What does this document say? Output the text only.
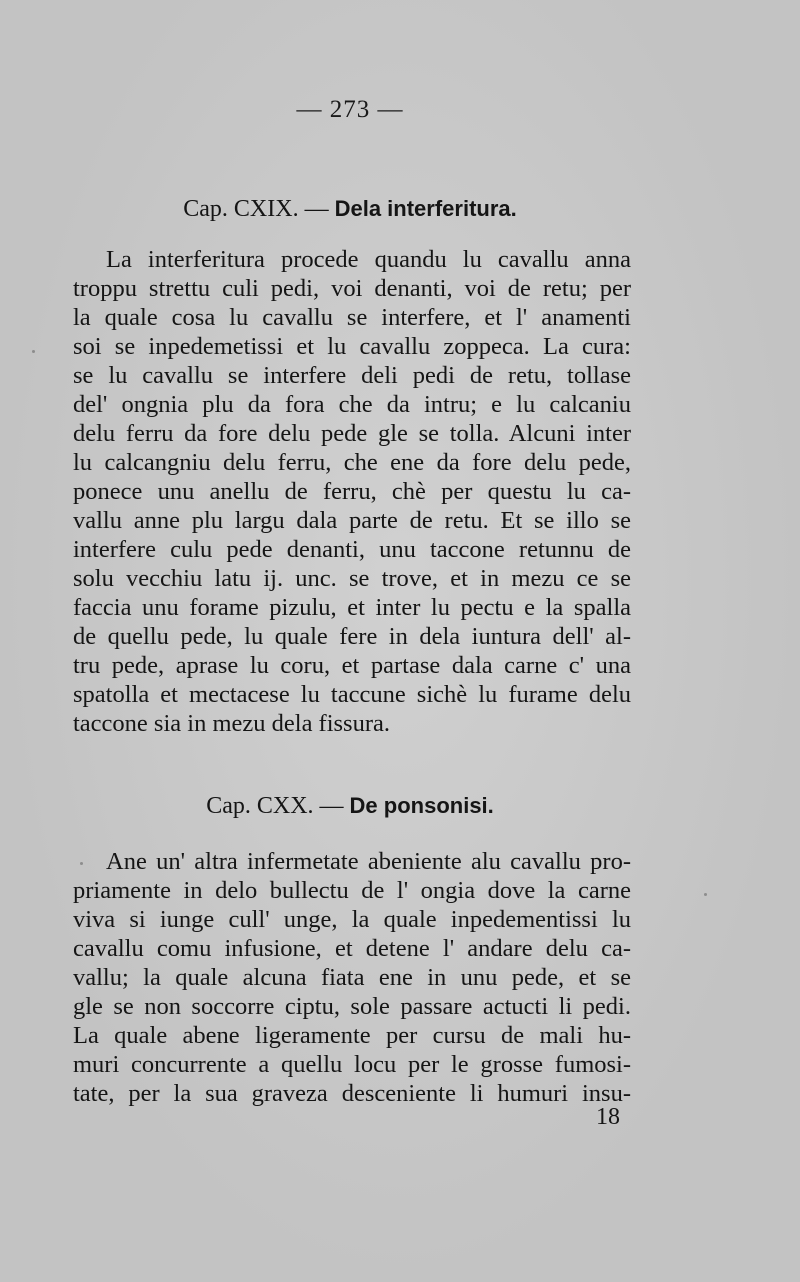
— 273 —
Cap. CXIX. — Dela interferitura.
La interferitura procede quandu lu cavallu anna
troppu strettu culi pedi, voi denanti, voi de retu; per
la quale cosa lu cavallu se interfere, et l' anamenti
soi se inpedemetissi et lu cavallu zoppeca. La cura:
se lu cavallu se interfere deli pedi de retu, tollase
del' ongnia plu da fora che da intru; e lu calcaniu
delu ferru da fore delu pede gle se tolla. Alcuni inter
lu calcangniu delu ferru, che ene da fore delu pede,
ponece unu anellu de ferru, chè per questu lu ca-
vallu anne plu largu dala parte de retu. Et se illo se
interfere culu pede denanti, unu taccone retunnu de
solu vecchiu latu ij. unc. se trove, et in mezu ce se
faccia unu forame pizulu, et inter lu pectu e la spalla
de quellu pede, lu quale fere in dela iuntura dell' al-
tru pede, aprase lu coru, et partase dala carne c' una
spatolla et mectacese lu taccune sichè lu furame delu
taccone sia in mezu dela fissura.
Cap. CXX. — De ponsonisi.
Ane un' altra infermetate abeniente alu cavallu pro-
priamente in delo bullectu de l' ongia dove la carne
viva si iunge cull' unge, la quale inpedementissi lu
cavallu comu infusione, et detene l' andare delu ca-
vallu; la quale alcuna fiata ene in unu pede, et se
gle se non soccorre ciptu, sole passare actucti li pedi.
La quale abene ligeramente per cursu de mali hu-
muri concurrente a quellu locu per le grosse fumosi-
tate, per la sua graveza desceniente li humuri insu-
18
